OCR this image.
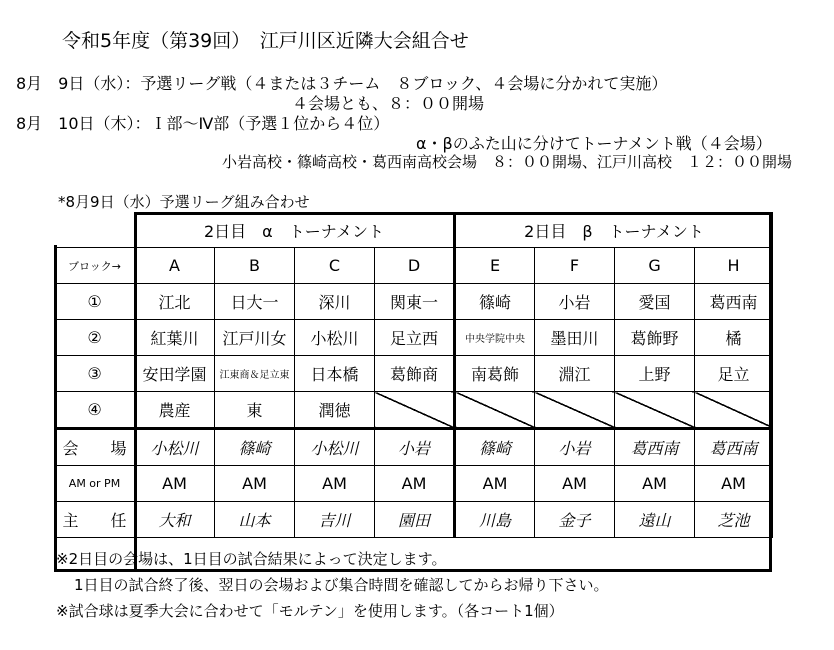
令和5年度（第39回）　江戸川区近隣大会組合せ
8月　9日（水）：予選リーグ戦（４または３チーム　８ブロック、４会場に分かれて実施）
４会場とも、８：００開場
8月　10日（木）：Ｉ部〜Ⅳ部（予選１位から４位）
α・βのふた山に分けてトーナメント戦（４会場）
小岩高校・篠崎高校・葛西南高校会場　８：００開場、江戸川高校　１２：００開場
*8月9日（水）予選リーグ組み合わせ
	2日目　α　トーナメント				2日目　β　トーナメント			
ブロック→	A	B	C	D	E	F	G	H
①	江北	日大一	深川	関東一	篠崎	小岩	愛国	葛西南
②	紅葉川	江戸川女	小松川	足立西	中央学院中央	墨田川	葛飾野	橘
③	安田学園	江東商＆足立東	日本橋	葛飾商	南葛飾	淵江	上野	足立
④	農産	東	潤徳					
会　　場	小松川	篠崎	小松川	小岩	篠崎	小岩	葛西南	葛西南
AM or PM	AM	AM	AM	AM	AM	AM	AM	AM
主　　任	大和	山本	吉川	園田	川島	金子	遠山	芝池
※2日目の会場は、1日目の試合結果によって決定します。
1日目の試合終了後、翌日の会場および集合時間を確認してからお帰り下さい。
※試合球は夏季大会に合わせて「モルテン」を使用します。（各コート1個）
